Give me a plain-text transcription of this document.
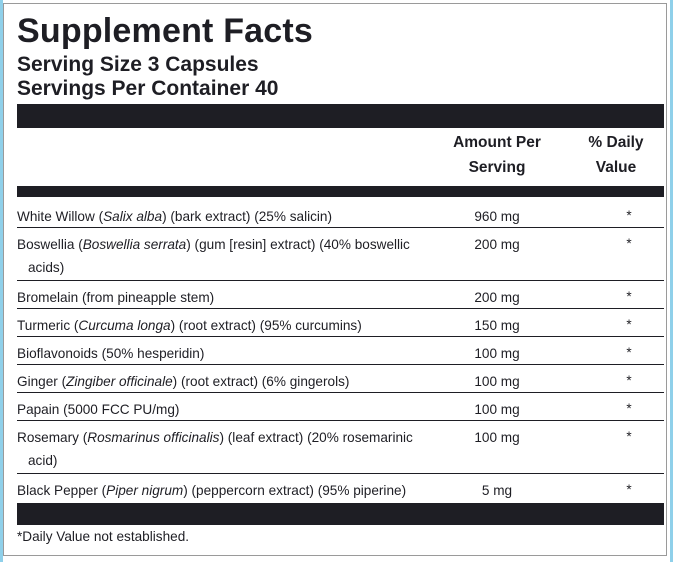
Supplement Facts
Serving Size 3 Capsules
Servings Per Container 40
Amount Per
Serving
% Daily
Value
White Willow (Salix alba) (bark extract) (25% salicin)	960 mg	*
Boswellia (Boswellia serrata) (gum [resin] extract) (40% boswellic
acids)
200 mg	*
Bromelain (from pineapple stem)	200 mg	*
Turmeric (Curcuma longa) (root extract) (95% curcumins)	150 mg	*
Bioflavonoids (50% hesperidin)	100 mg	*
Ginger (Zingiber officinale) (root extract) (6% gingerols)	100 mg	*
Papain (5000 FCC PU/mg)	100 mg	*
Rosemary (Rosmarinus officinalis) (leaf extract) (20% rosemarinic
acid)
100 mg	*
Black Pepper (Piper nigrum) (peppercorn extract) (95% piperine)	5 mg	*
*Daily Value not established.
